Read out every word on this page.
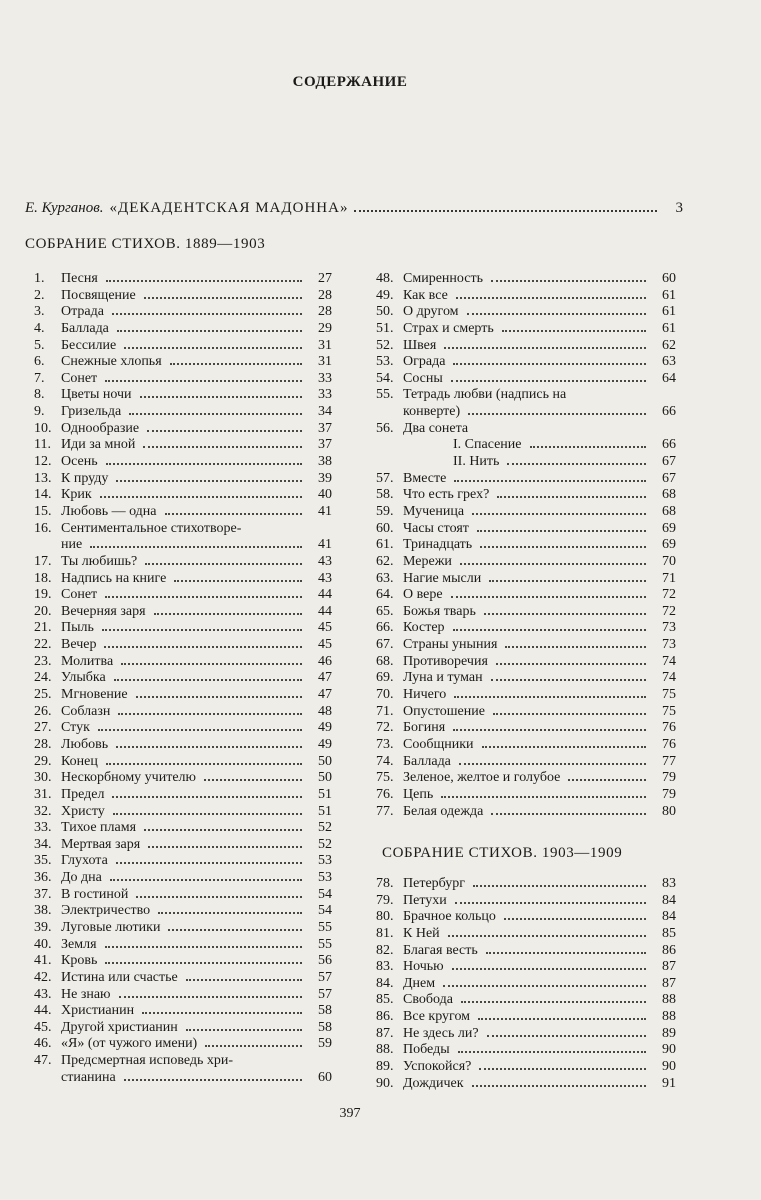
СОДЕРЖАНИЕ
Е. Курганов. «ДЕКАДЕНТСКАЯ МАДОННА»	3
СОБРАНИЕ СТИХОВ. 1889—1903
1.	Песня	27
2.	Посвящение	28
3.	Отрада	28
4.	Баллада	29
5.	Бессилие	31
6.	Снежные хлопья	31
7.	Сонет	33
8.	Цветы ночи	33
9.	Гризельда	34
10. Однообразие	37
11. Иди за мной	37
12. Осень	38
13. К пруду	39
14. Крик	40
15. Любовь — одна	41
16. Сентиментальное стихотворе-
ние	41
17. Ты любишь?	43
18. Надпись на книге	43
19. Сонет	44
20. Вечерняя заря	44
21. Пыль	45
22. Вечер	45
23. Молитва	46
24. Улыбка	47
25. Мгновение	47
26. Соблазн	48
27. Стук	49
28. Любовь	49
29. Конец	50
30. Нескорбному учителю	50
31. Предел	51
32. Христу	51
33. Тихое пламя	52
34. Мертвая заря	52
35. Глухота	53
36. До дна	53
37. В гостиной	54
38. Электричество	54
39. Луговые лютики	55
40. Земля	55
41. Кровь	56
42. Истина или счастье	57
43. Не знаю	57
44. Христианин	58
45. Другой христианин	58
46. «Я» (от чужого имени)	59
47. Предсмертная исповедь хри-
стианина	60
48. Смиренность	60
49. Как все	61
50. О другом	61
51. Страх и смерть	61
52. Швея	62
53. Ограда	63
54. Сосны	64
55. Тетрадь любви (надпись на
конверте)	66
56. Два сонета
I. Спасение	66
II. Нить	67
57. Вместе	67
58. Что есть грех?	68
59. Мученица	68
60. Часы стоят	69
61. Тринадцать	69
62. Мережи	70
63. Нагие мысли	71
64. О вере	72
65. Божья тварь	72
66. Костер	73
67. Страны уныния	73
68. Противоречия	74
69. Луна и туман	74
70. Ничего	75
71. Опустошение	75
72. Богиня	76
73. Сообщники	76
74. Баллада	77
75. Зеленое, желтое и голубое	79
76. Цепь	79
77. Белая одежда	80
СОБРАНИЕ СТИХОВ. 1903—1909
78. Петербург	83
79. Петухи	84
80. Брачное кольцо	84
81. К Ней	85
82. Благая весть	86
83. Ночью	87
84. Днем	87
85. Свобода	88
86. Все кругом	88
87. Не здесь ли?	89
88. Победы	90
89. Успокойся?	90
90. Дождичек	91
397
